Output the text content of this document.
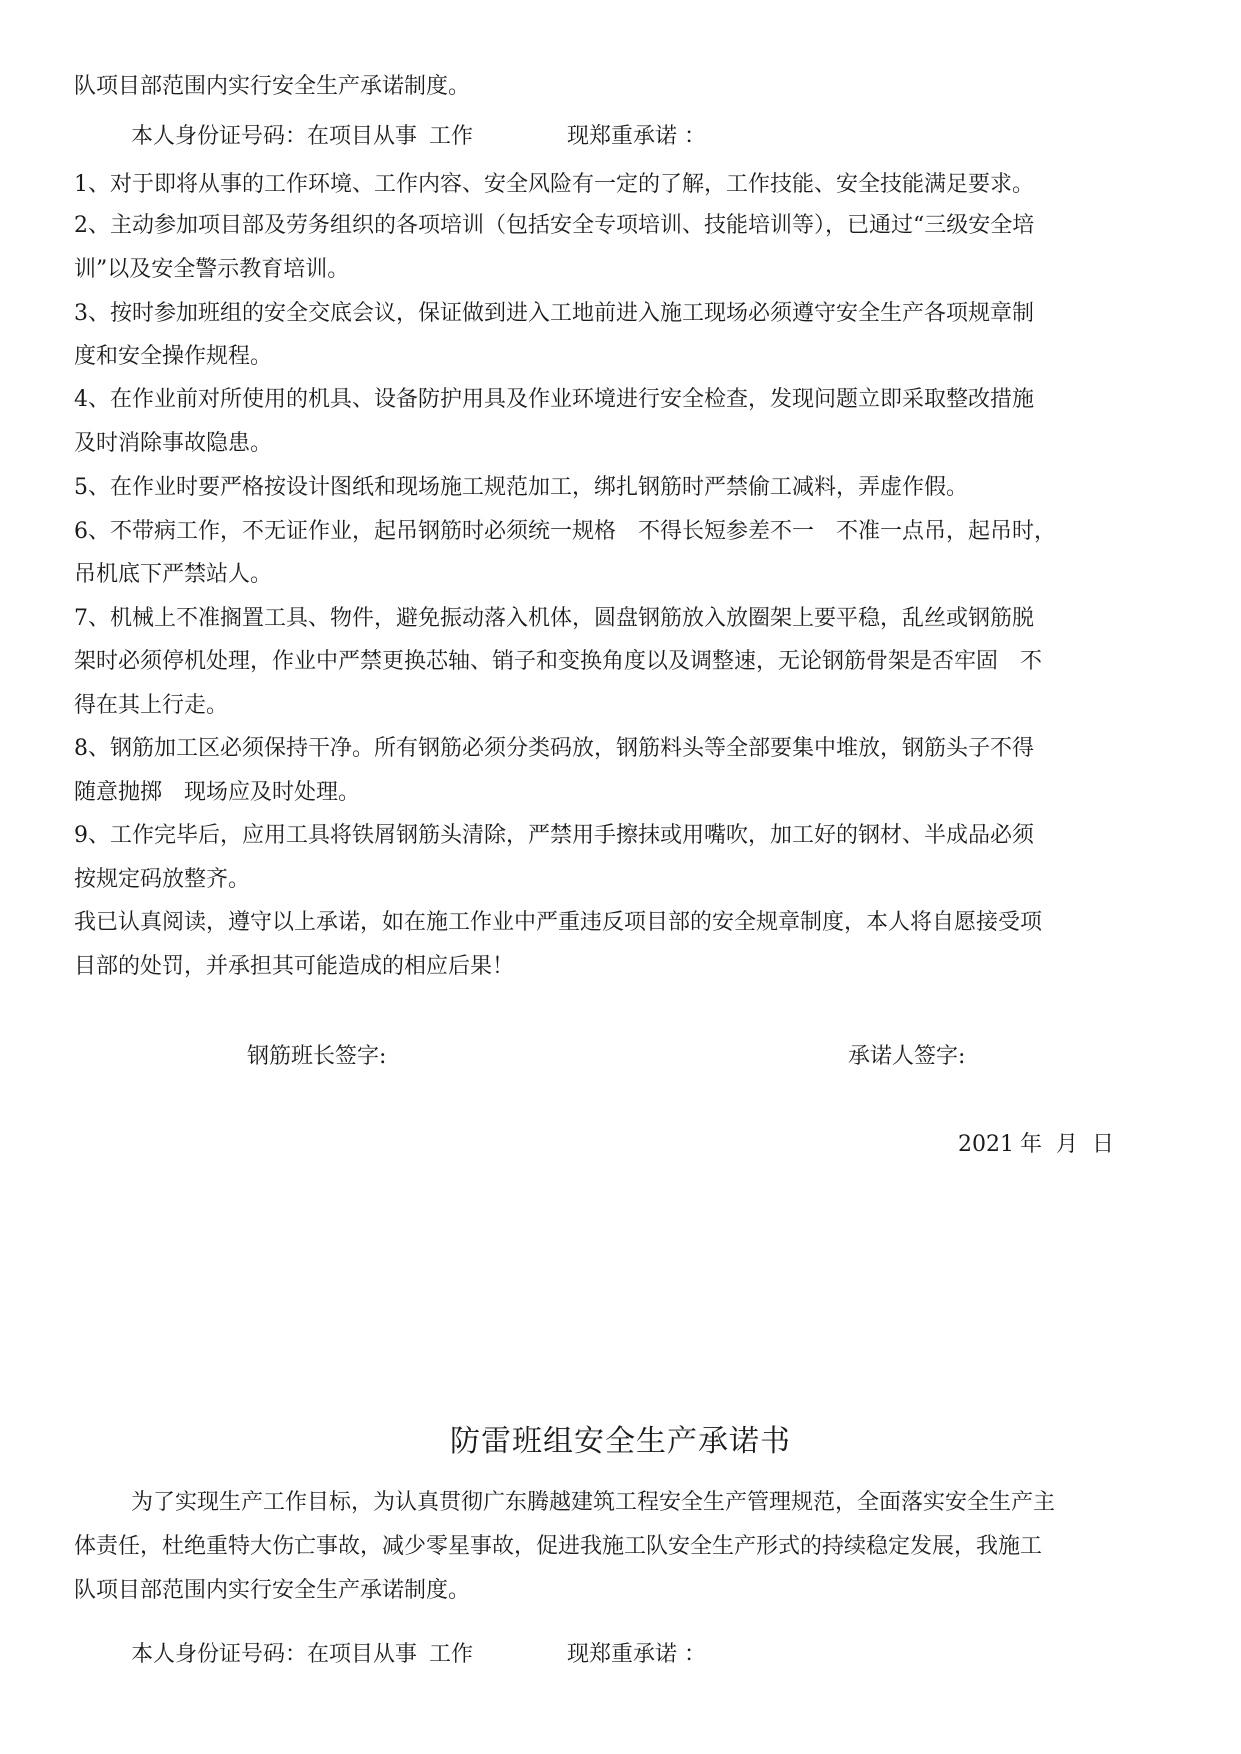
队项目部范围内实行安全生产承诺制度。
本人身份证号码：在项目从事 工作	现郑重承诺 ：
1、对于即将从事的工作环境、工作内容、安全风险有一定的了解，工作技能、安全技能满足要求。
2、主动参加项目部及劳务组织的各项培训（包括安全专项培训、技能培训等），已通过“三级安全培
训”以及安全警示教育培训。
3、按时参加班组的安全交底会议，保证做到进入工地前进入施工现场必须遵守安全生产各项规章制
度和安全操作规程。
4、在作业前对所使用的机具、设备防护用具及作业环境进行安全检查，发现问题立即采取整改措施
及时消除事故隐患。
5、在作业时要严格按设计图纸和现场施工规范加工，绑扎钢筋时严禁偷工减料，弄虚作假。
6、不带病工作，不无证作业，起吊钢筋时必须统一规格 不得长短参差不一 不准一点吊，起吊时，
吊机底下严禁站人。
7、机械上不准搁置工具、物件，避免振动落入机体，圆盘钢筋放入放圈架上要平稳，乱丝或钢筋脱
架时必须停机处理，作业中严禁更换芯轴、销子和变换角度以及调整速，无论钢筋骨架是否牢固 不
得在其上行走。
8、钢筋加工区必须保持干净。所有钢筋必须分类码放，钢筋料头等全部要集中堆放，钢筋头子不得
随意抛掷 现场应及时处理。
9、工作完毕后，应用工具将铁屑钢筋头清除，严禁用手擦抹或用嘴吹，加工好的钢材、半成品必须
按规定码放整齐。
我已认真阅读，遵守以上承诺，如在施工作业中严重违反项目部的安全规章制度，本人将自愿接受项
目部的处罚，并承担其可能造成的相应后果！
钢筋班长签字:	承诺人签字:
2021 年 月 日
防雷班组安全生产承诺书
为了实现生产工作目标，为认真贯彻广东腾越建筑工程安全生产管理规范，全面落实安全生产主
体责任，杜绝重特大伤亡事故，减少零星事故，促进我施工队安全生产形式的持续稳定发展，我施工
队项目部范围内实行安全生产承诺制度。
本人身份证号码：在项目从事 工作	现郑重承诺 ：
